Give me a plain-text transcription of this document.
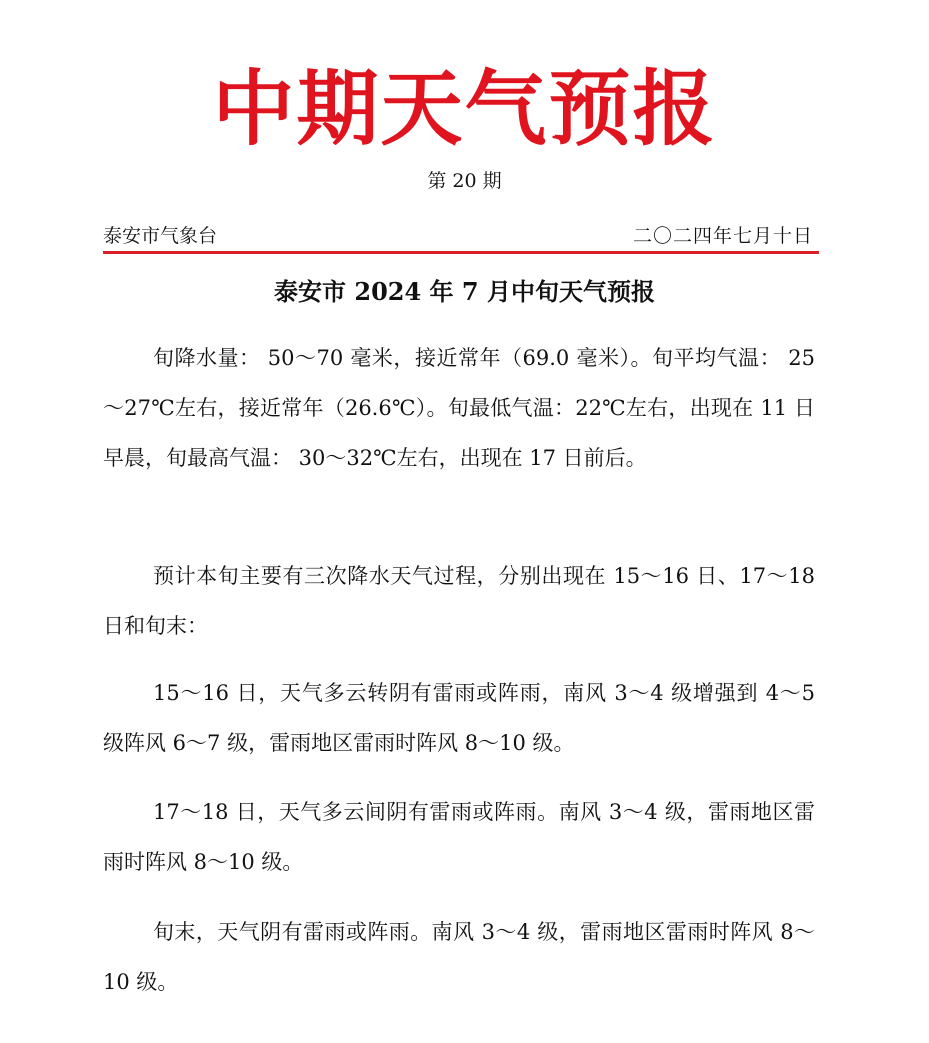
中期天气预报
第 20 期
泰安市气象台	二〇二四年七月十日
泰安市 2024 年 7 月中旬天气预报
旬降水量： 50～70 毫米，接近常年（69.0 毫米）。旬平均气温： 25～27℃左右，接近常年（26.6℃）。旬最低气温：22℃左右，出现在 11 日早晨，旬最高气温： 30～32℃左右，出现在 17 日前后。
预计本旬主要有三次降水天气过程，分别出现在 15～16 日、17～18 日和旬末：
15～16 日，天气多云转阴有雷雨或阵雨，南风 3～4 级增强到 4～5 级阵风 6～7 级，雷雨地区雷雨时阵风 8～10 级。
17～18 日，天气多云间阴有雷雨或阵雨。南风 3～4 级，雷雨地区雷雨时阵风 8～10 级。
旬末，天气阴有雷雨或阵雨。南风 3～4 级，雷雨地区雷雨时阵风 8～10 级。
